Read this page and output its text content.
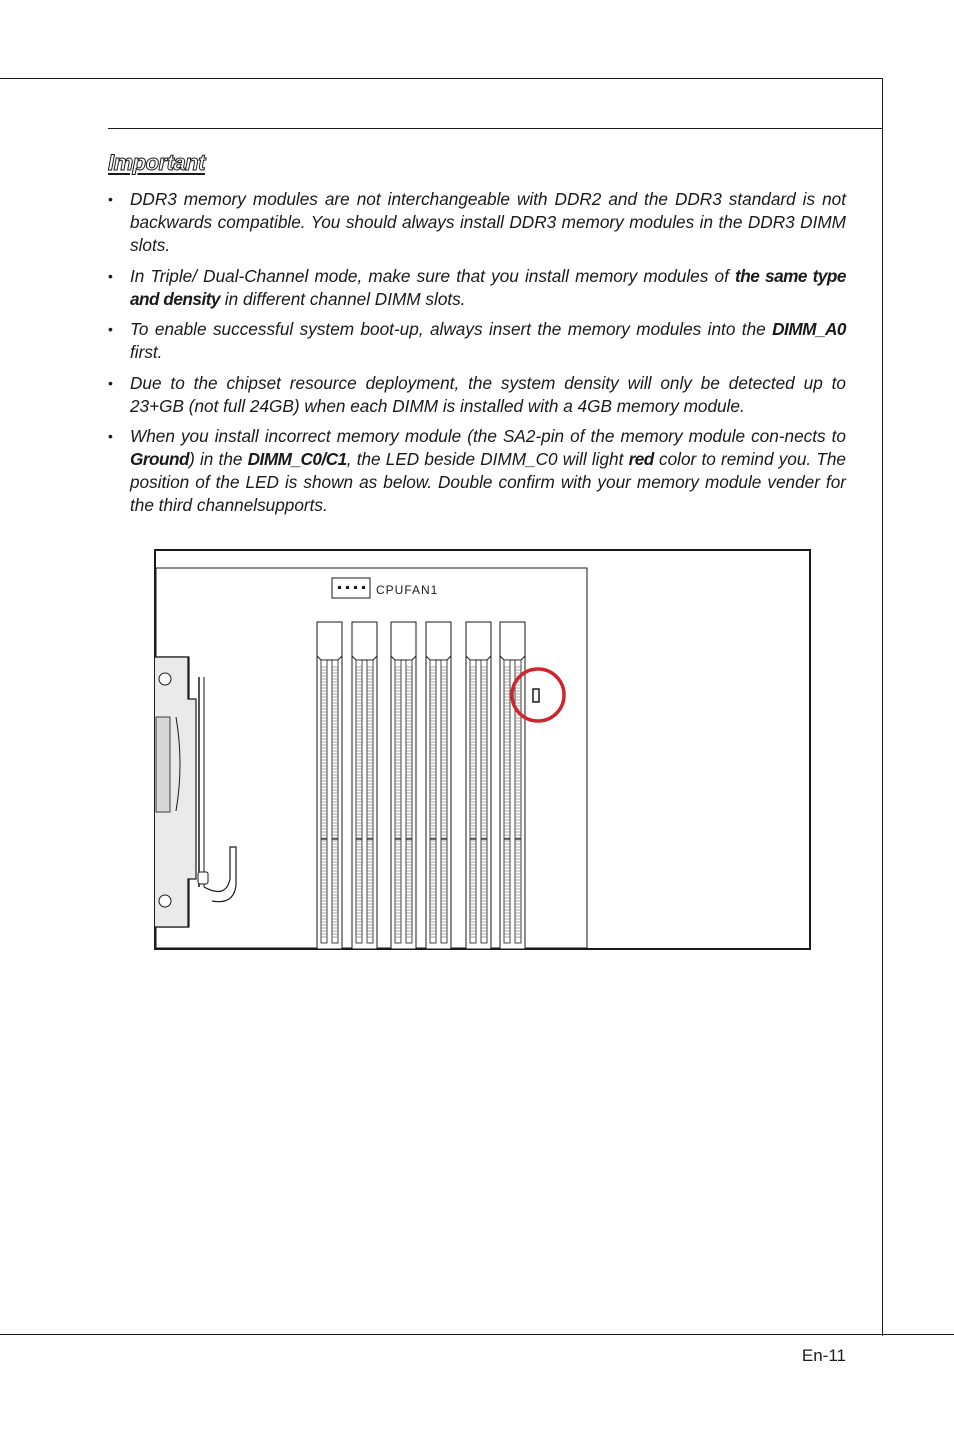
Important
• DDR3 memory modules are not interchangeable with DDR2 and the DDR3 standard is not backwards compatible. You should always install DDR3 memory modules in the DDR3 DIMM slots.
• In Triple/ Dual-Channel mode, make sure that you install memory modules of the same type and density in different channel DIMM slots.
• To enable successful system boot-up, always insert the memory modules into the DIMM_A0 first.
• Due to the chipset resource deployment, the system density will only be detected up to 23+GB (not full 24GB) when each DIMM is installed with a 4GB memory module.
• When you install incorrect memory module (the SA2-pin of the memory module con-nects to Ground) in the DIMM_C0/C1, the LED beside DIMM_C0 will light red color to remind you. The position of the LED is shown as below. Double confirm with your memory module vender for the third channelsupports.
CPUFAN1
En-11
